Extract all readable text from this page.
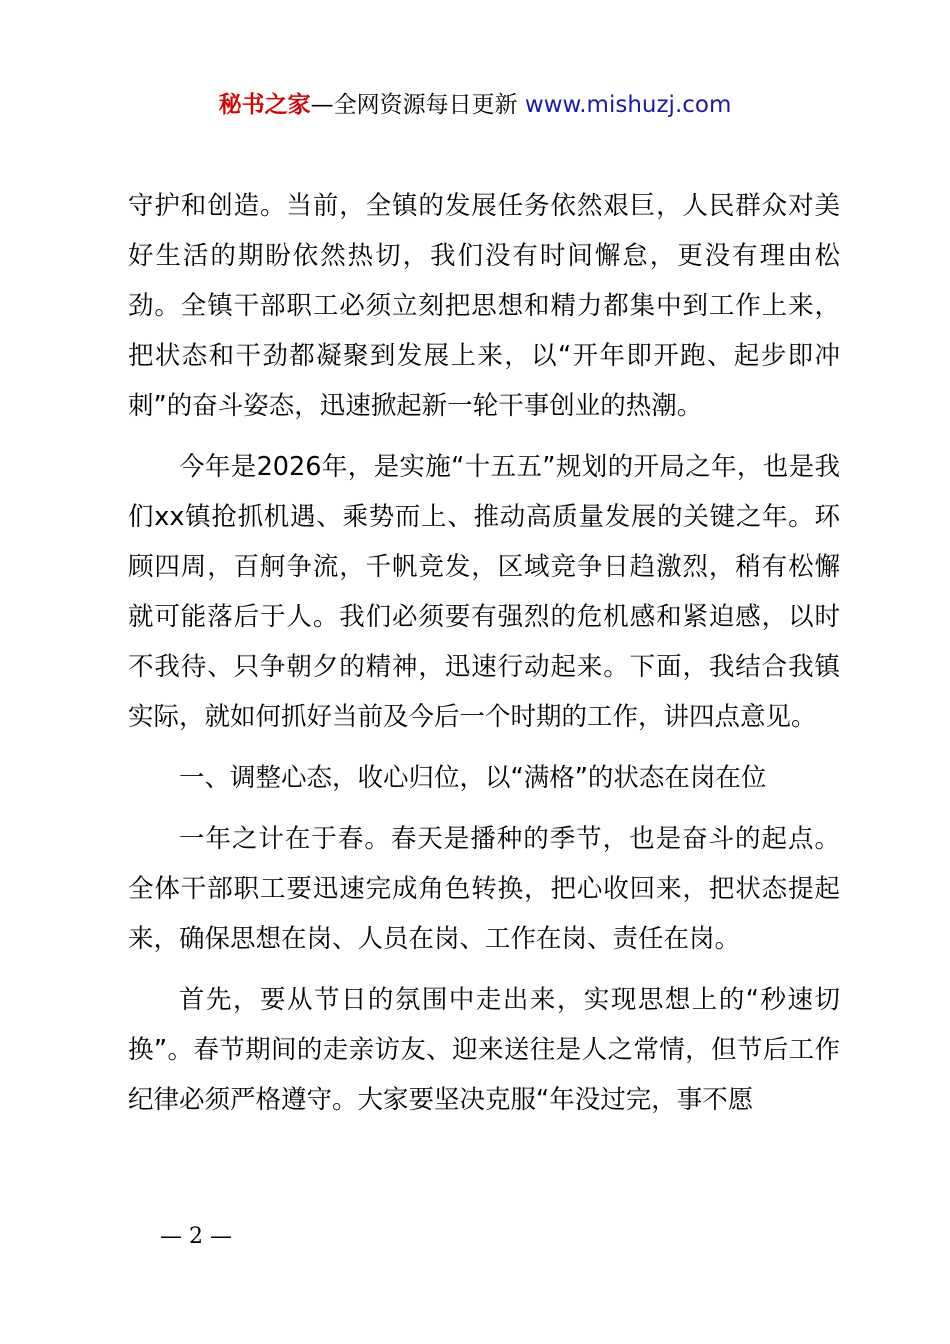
秘书之家—全网资源每日更新 www.mishuzj.com

守护和创造。当前，全镇的发展任务依然艰巨，人民群众对美好生活的期盼依然热切，我们没有时间懈怠，更没有理由松劲。全镇干部职工必须立刻把思想和精力都集中到工作上来，把状态和干劲都凝聚到发展上来，以“开年即开跑、起步即冲刺”的奋斗姿态，迅速掀起新一轮干事创业的热潮。

今年是2026年，是实施“十五五”规划的开局之年，也是我们xx镇抢抓机遇、乘势而上、推动高质量发展的关键之年。环顾四周，百舸争流，千帆竞发，区域竞争日趋激烈，稍有松懈就可能落后于人。我们必须要有强烈的危机感和紧迫感，以时不我待、只争朝夕的精神，迅速行动起来。下面，我结合我镇实际，就如何抓好当前及今后一个时期的工作，讲四点意见。

一、调整心态，收心归位，以“满格”的状态在岗在位

一年之计在于春。春天是播种的季节，也是奋斗的起点。全体干部职工要迅速完成角色转换，把心收回来，把状态提起来，确保思想在岗、人员在岗、工作在岗、责任在岗。

首先，要从节日的氛围中走出来，实现思想上的“秒速切换”。春节期间的走亲访友、迎来送往是人之常情，但节后工作纪律必须严格遵守。大家要坚决克服“年没过完，事不愿

— 2 —
